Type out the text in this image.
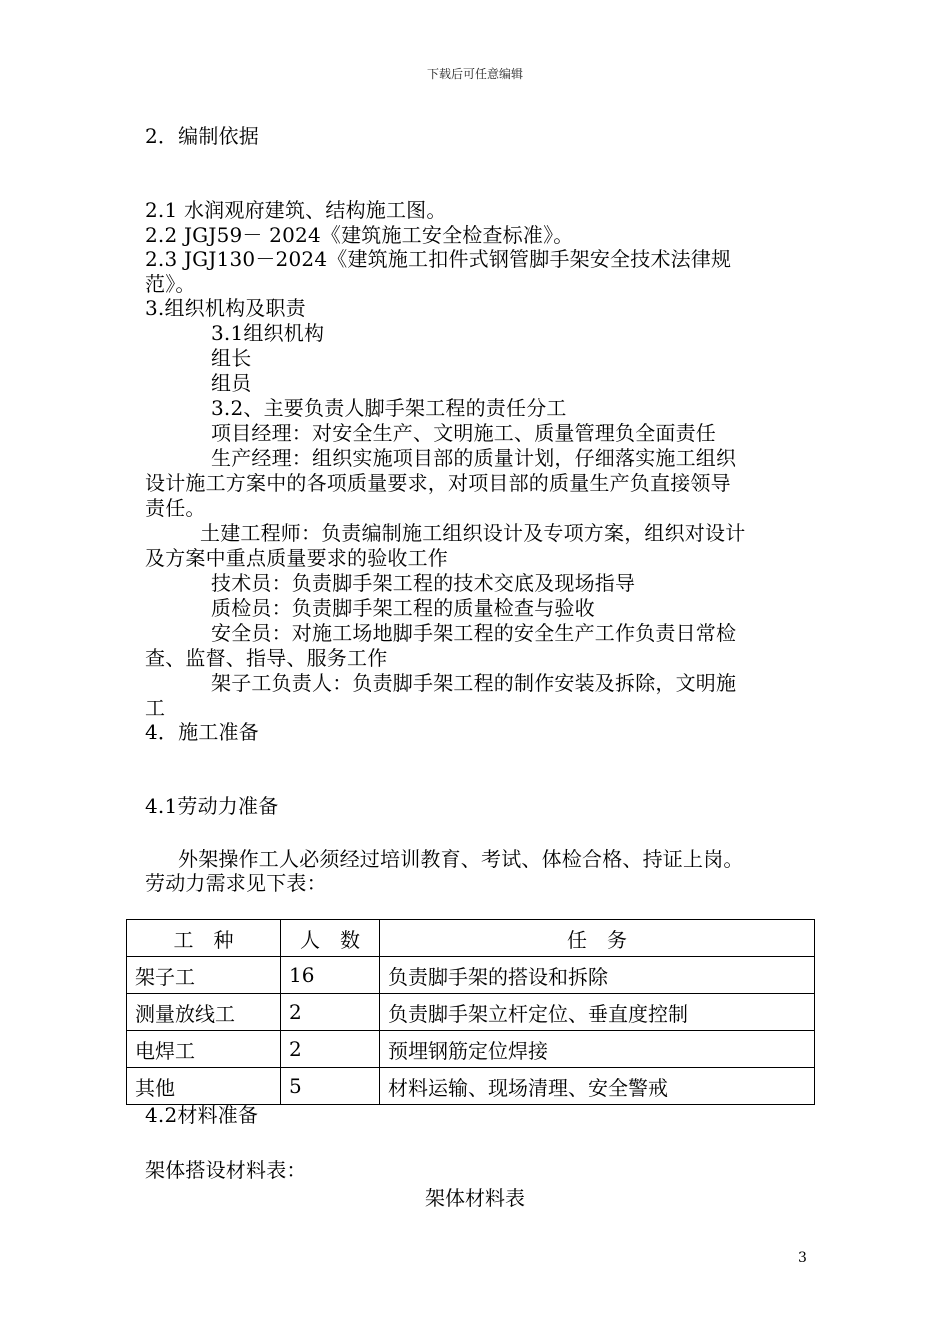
下载后可任意编辑
2．编制依据
2.1 水润观府建筑、结构施工图。
2.2 JGJ59－ 2024《建筑施工安全检查标准》。
2.3 JGJ130－2024《建筑施工扣件式钢管脚手架安全技术法律规
范》。
3.组织机构及职责
3.1组织机构
组长
组员
3.2、主要负责人脚手架工程的责任分工
项目经理：对安全生产、文明施工、质量管理负全面责任
生产经理：组织实施项目部的质量计划，仔细落实施工组织
设计施工方案中的各项质量要求，对项目部的质量生产负直接领导
责任。
土建工程师：负责编制施工组织设计及专项方案，组织对设计
及方案中重点质量要求的验收工作
技术员：负责脚手架工程的技术交底及现场指导
质检员：负责脚手架工程的质量检查与验收
安全员：对施工场地脚手架工程的安全生产工作负责日常检
查、监督、指导、服务工作
架子工负责人：负责脚手架工程的制作安装及拆除，文明施
工
4．施工准备
4.1劳动力准备
外架操作工人必须经过培训教育、考试、体检合格、持证上岗。
劳动力需求见下表：
工　种	人　数	任　务
架子工	16	负责脚手架的搭设和拆除
测量放线工	2	负责脚手架立杆定位、垂直度控制
电焊工	2	预埋钢筋定位焊接
其他	5	材料运输、现场清理、安全警戒
4.2材料准备
架体搭设材料表：
架体材料表
3
